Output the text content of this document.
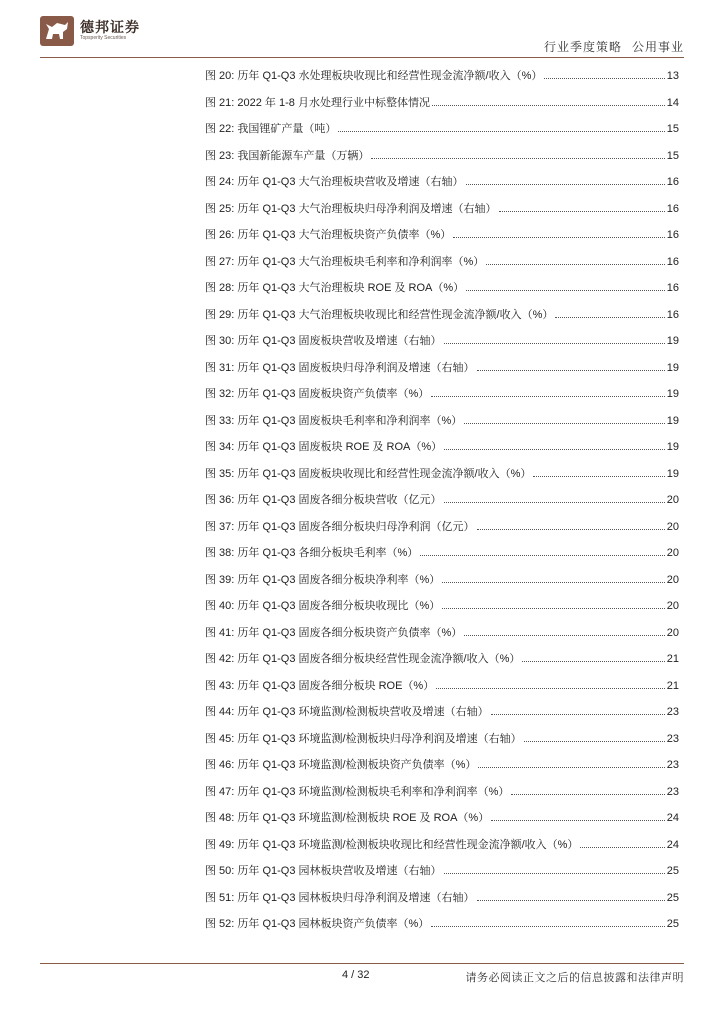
德邦证券
Topsperity Securities
行业季度策略 公用事业
图 20: 历年 Q1-Q3 水处理板块收现比和经营性现金流净额/收入（%）	13
图 21: 2022 年 1-8 月水处理行业中标整体情况	14
图 22: 我国锂矿产量（吨）	15
图 23: 我国新能源车产量（万辆）	15
图 24: 历年 Q1-Q3 大气治理板块营收及增速（右轴）	16
图 25: 历年 Q1-Q3 大气治理板块归母净利润及增速（右轴）	16
图 26: 历年 Q1-Q3 大气治理板块资产负债率（%）	16
图 27: 历年 Q1-Q3 大气治理板块毛利率和净利润率（%）	16
图 28: 历年 Q1-Q3 大气治理板块 ROE 及 ROA（%）	16
图 29: 历年 Q1-Q3 大气治理板块收现比和经营性现金流净额/收入（%）	16
图 30: 历年 Q1-Q3 固废板块营收及增速（右轴）	19
图 31: 历年 Q1-Q3 固废板块归母净利润及增速（右轴）	19
图 32: 历年 Q1-Q3 固废板块资产负债率（%）	19
图 33: 历年 Q1-Q3 固废板块毛利率和净利润率（%）	19
图 34: 历年 Q1-Q3 固废板块 ROE 及 ROA（%）	19
图 35: 历年 Q1-Q3 固废板块收现比和经营性现金流净额/收入（%）	19
图 36: 历年 Q1-Q3 固废各细分板块营收（亿元）	20
图 37: 历年 Q1-Q3 固废各细分板块归母净利润（亿元）	20
图 38: 历年 Q1-Q3 各细分板块毛利率（%）	20
图 39: 历年 Q1-Q3 固废各细分板块净利率（%）	20
图 40: 历年 Q1-Q3 固废各细分板块收现比（%）	20
图 41: 历年 Q1-Q3 固废各细分板块资产负债率（%）	20
图 42: 历年 Q1-Q3 固废各细分板块经营性现金流净额/收入（%）	21
图 43: 历年 Q1-Q3 固废各细分板块 ROE（%）	21
图 44: 历年 Q1-Q3 环境监测/检测板块营收及增速（右轴）	23
图 45: 历年 Q1-Q3 环境监测/检测板块归母净利润及增速（右轴）	23
图 46: 历年 Q1-Q3 环境监测/检测板块资产负债率（%）	23
图 47: 历年 Q1-Q3 环境监测/检测板块毛利率和净利润率（%）	23
图 48: 历年 Q1-Q3 环境监测/检测板块 ROE 及 ROA（%）	24
图 49: 历年 Q1-Q3 环境监测/检测板块收现比和经营性现金流净额/收入（%）	24
图 50: 历年 Q1-Q3 园林板块营收及增速（右轴）	25
图 51: 历年 Q1-Q3 园林板块归母净利润及增速（右轴）	25
图 52: 历年 Q1-Q3 园林板块资产负债率（%）	25
4 / 32	请务必阅读正文之后的信息披露和法律声明
